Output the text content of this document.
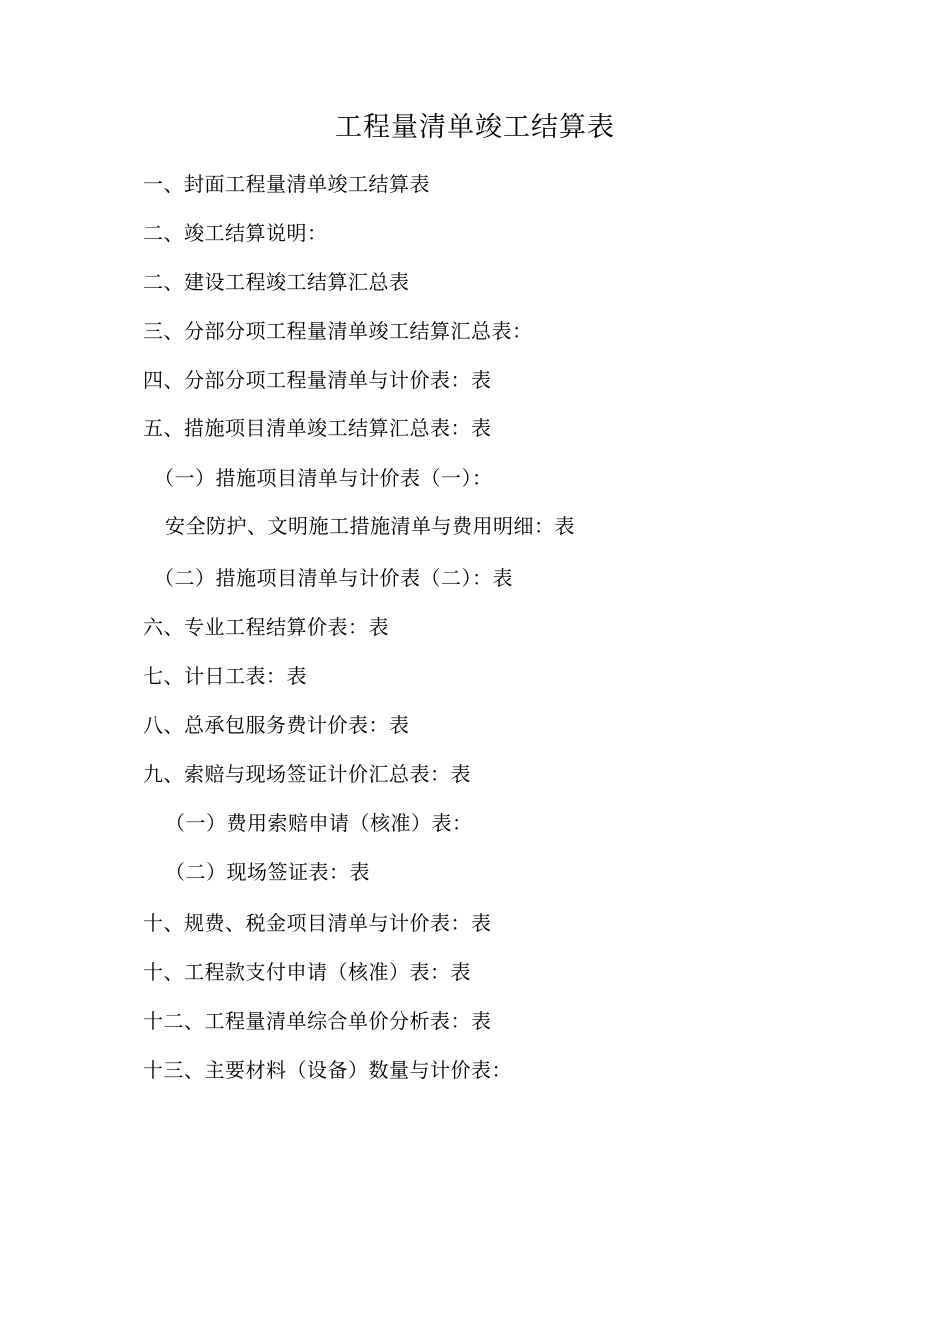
工程量清单竣工结算表
一、封面工程量清单竣工结算表
二、竣工结算说明：
二、建设工程竣工结算汇总表
三、分部分项工程量清单竣工结算汇总表：
四、分部分项工程量清单与计价表：表
五、措施项目清单竣工结算汇总表：表
（一）措施项目清单与计价表（一）：
安全防护、文明施工措施清单与费用明细：表
（二）措施项目清单与计价表（二）：表
六、专业工程结算价表：表
七、计日工表：表
八、总承包服务费计价表：表
九、索赔与现场签证计价汇总表：表
（一）费用索赔申请（核准）表：
（二）现场签证表：表
十、规费、税金项目清单与计价表：表
十、工程款支付申请（核准）表：表
十二、工程量清单综合单价分析表：表
十三、主要材料（设备）数量与计价表：
